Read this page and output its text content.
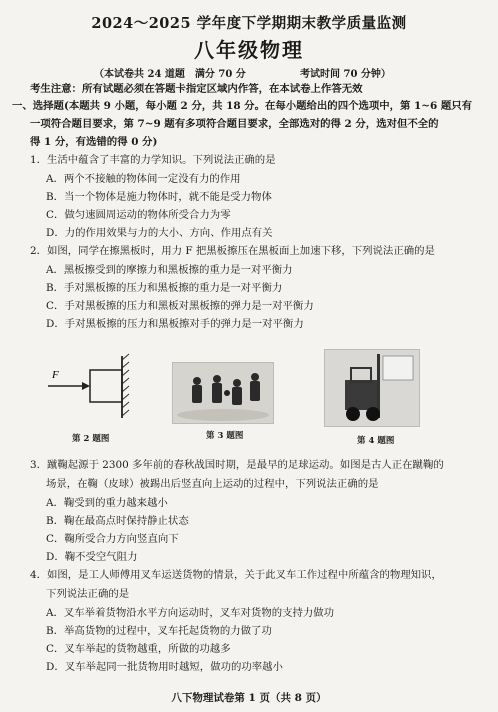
2024～2025 学年度下学期期末教学质量监测
八年级物理
（本试卷共 24 道题　满分 70 分	考试时间 70 分钟）
考生注意：所有试题必须在答题卡指定区域内作答，在本试卷上作答无效
一、选择题(本题共 9 小题，每小题 2 分，共 18 分。在每小题给出的四个选项中，第 1~6 题只有
一项符合题目要求，第 7~9 题有多项符合题目要求，全部选对的得 2 分，选对但不全的
得 1 分，有选错的得 0 分)
1．生活中蕴含了丰富的力学知识。下列说法正确的是
A．两个不接触的物体间一定没有力的作用
B．当一个物体是施力物体时，就不能是受力物体
C．做匀速圆周运动的物体所受合力为零
D．力的作用效果与力的大小、方向、作用点有关
2．如图，同学在擦黑板时，用力 F 把黑板擦压在黑板面上加速下移，下列说法正确的是
A．黑板擦受到的摩擦力和黑板擦的重力是一对平衡力
B．手对黑板擦的压力和黑板擦的重力是一对平衡力
C．手对黑板擦的压力和黑板对黑板擦的弹力是一对平衡力
D．手对黑板擦的压力和黑板擦对手的弹力是一对平衡力
F
第 2 题图	第 3 题图	第 4 题图
3．蹴鞠起源于 2300 多年前的春秋战国时期，是最早的足球运动。如图是古人正在蹴鞠的
场景，在鞠（皮球）被踢出后竖直向上运动的过程中，下列说法正确的是
A．鞠受到的重力越来越小
B．鞠在最高点时保持静止状态
C．鞠所受合力方向竖直向下
D．鞠不受空气阻力
4．如图，是工人师傅用叉车运送货物的情景，关于此叉车工作过程中所蕴含的物理知识，
下列说法正确的是
A．叉车举着货物沿水平方向运动时，叉车对货物的支持力做功
B．举高货物的过程中，叉车托起货物的力做了功
C．叉车举起的货物越重，所做的功越多
D．叉车举起同一批货物用时越短，做功的功率越小
八下物理试卷第 1 页（共 8 页）
